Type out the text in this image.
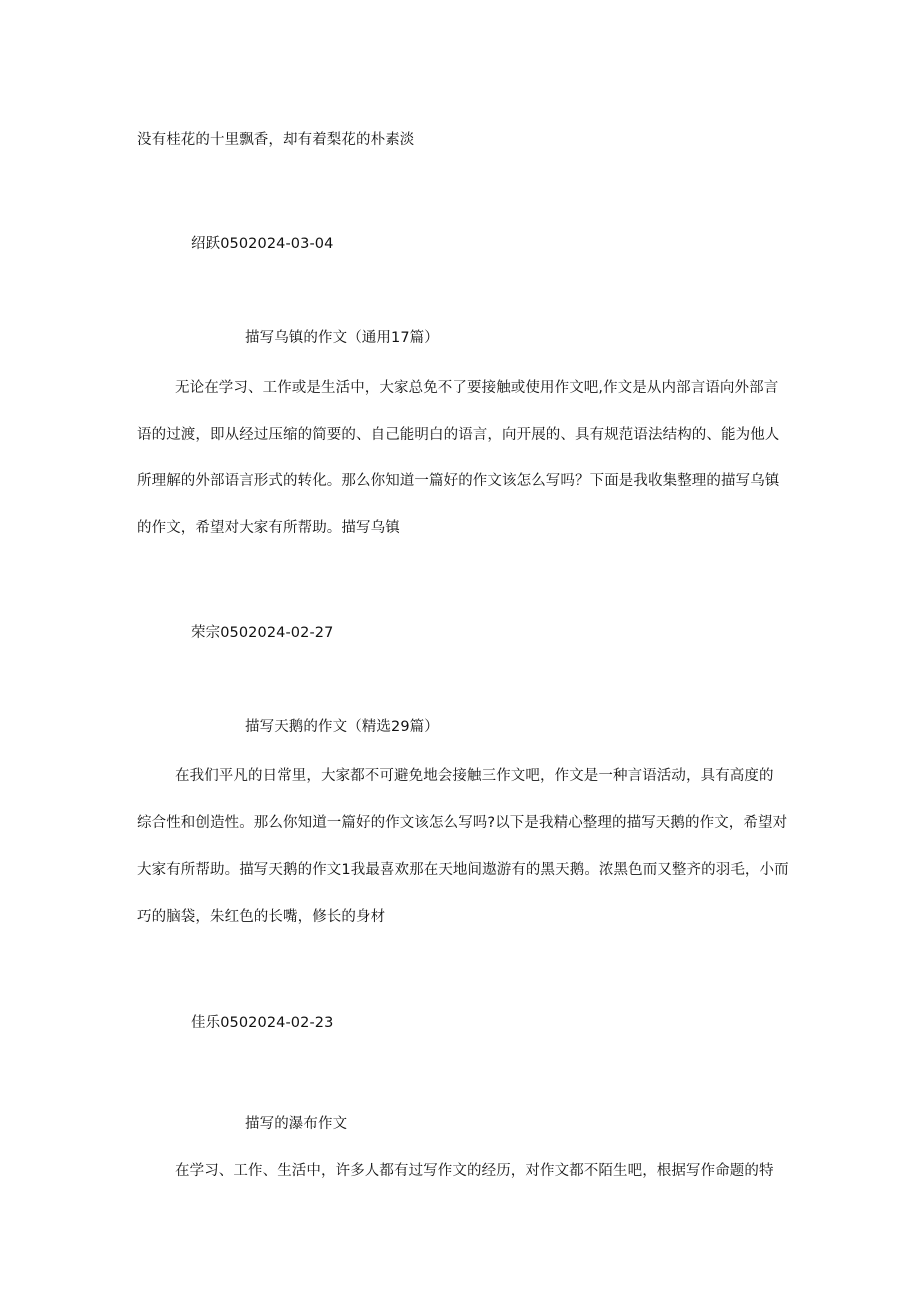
没有桂花的十里飘香，却有着梨花的朴素淡
绍跃0502024-03-04
描写乌镇的作文（通用17篇）
无论在学习、工作或是生活中，大家总免不了要接触或使用作文吧,作文是从内部言语向外部言
语的过渡，即从经过压缩的简要的、自己能明白的语言，向开展的、具有规范语法结构的、能为他人
所理解的外部语言形式的转化。那么你知道一篇好的作文该怎么写吗？下面是我收集整理的描写乌镇
的作文，希望对大家有所帮助。描写乌镇
荣宗0502024-02-27
描写天鹅的作文（精选29篇）
在我们平凡的日常里，大家都不可避免地会接触三作文吧，作文是一种言语活动，具有高度的
综合性和创造性。那么你知道一篇好的作文该怎么写吗?以下是我精心整理的描写天鹅的作文，希望对
大家有所帮助。描写天鹅的作文1我最喜欢那在天地间遨游有的黑天鹅。浓黑色而又整齐的羽毛，小而
巧的脑袋，朱红色的长嘴，修长的身材
佳乐0502024-02-23
描写的瀑布作文
在学习、工作、生活中，许多人都有过写作文的经历，对作文都不陌生吧，根据写作命题的特
